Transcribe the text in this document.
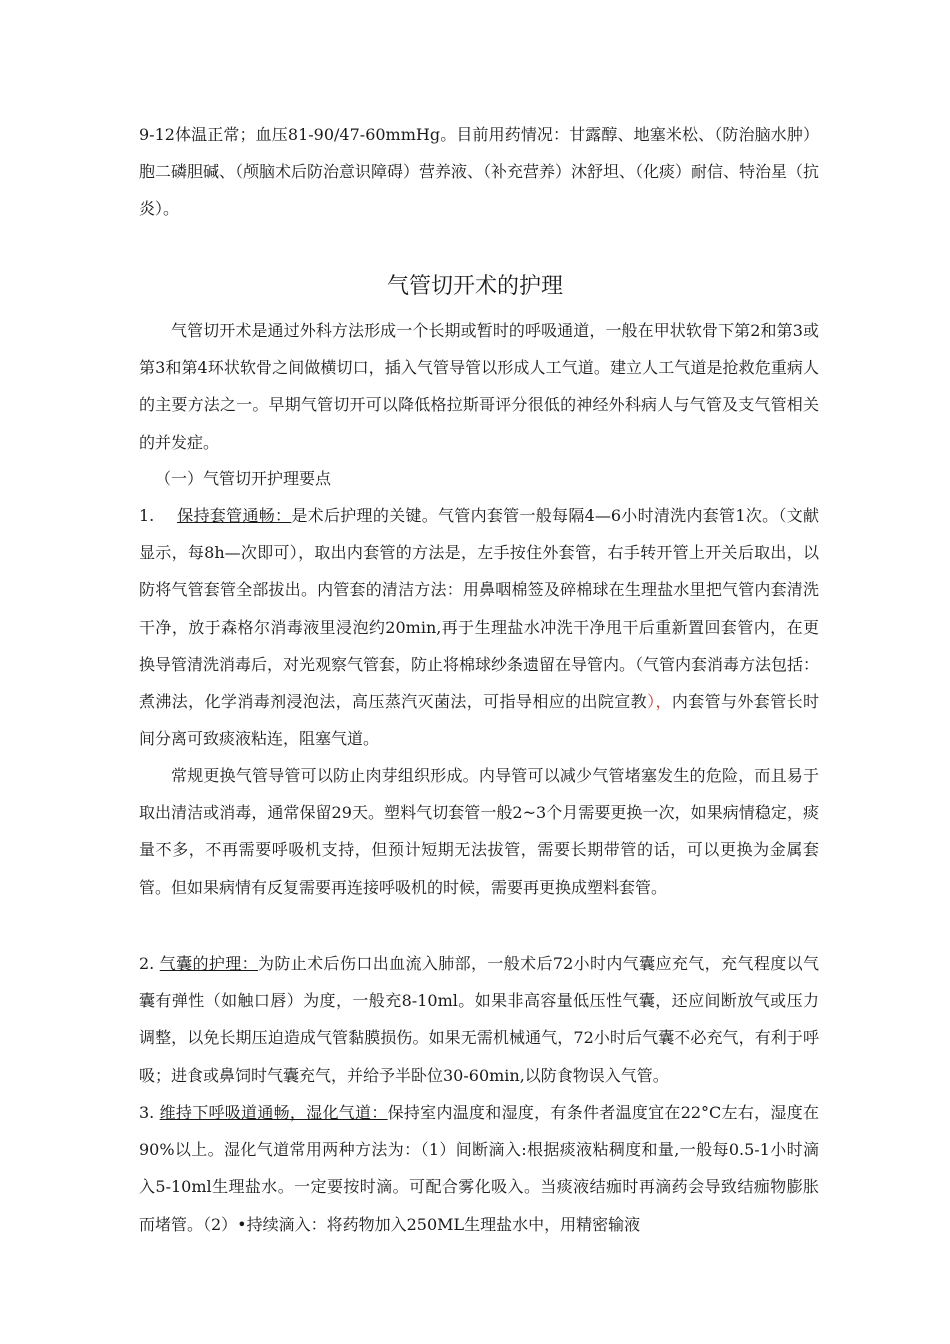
9-12体温正常；血压81-90/47-60mmHg。目前用药情况：甘露醇、地塞米松、（防治脑水肿）胞二磷胆碱、（颅脑术后防治意识障碍）营养液、（补充营养）沐舒坦、（化痰）耐信、特治星（抗炎）。

气管切开术的护理

气管切开术是通过外科方法形成一个长期或暂时的呼吸通道，一般在甲状软骨下第2和第3或第3和第4环状软骨之间做横切口，插入气管导管以形成人工气道。建立人工气道是抢救危重病人的主要方法之一。早期气管切开可以降低格拉斯哥评分很低的神经外科病人与气管及支气管相关的并发症。

（一）气管切开护理要点

1. 保持套管通畅：是术后护理的关键。气管内套管一般每隔4—6小时清洗内套管1次。（文献显示，每8h—次即可），取出内套管的方法是，左手按住外套管，右手转开管上开关后取出，以防将气管套管全部拔出。内管套的清洁方法：用鼻咽棉签及碎棉球在生理盐水里把气管内套清洗干净，放于森格尔消毒液里浸泡约20min,再于生理盐水冲洗干净甩干后重新置回套管内，在更换导管清洗消毒后，对光观察气管套，防止将棉球纱条遗留在导管内。（气管内套消毒方法包括：煮沸法，化学消毒剂浸泡法，高压蒸汽灭菌法，可指导相应的出院宣教），内套管与外套管长时间分离可致痰液粘连，阻塞气道。

常规更换气管导管可以防止肉芽组织形成。内导管可以减少气管堵塞发生的危险，而且易于取出清洁或消毒，通常保留29天。塑料气切套管一般2~3个月需要更换一次，如果病情稳定，痰量不多，不再需要呼吸机支持，但预计短期无法拔管，需要长期带管的话，可以更换为金属套管。但如果病情有反复需要再连接呼吸机的时候，需要再更换成塑料套管。

2. 气囊的护理：为防止术后伤口出血流入肺部，一般术后72小时内气囊应充气，充气程度以气囊有弹性（如触口唇）为度，一般充8-10ml。如果非高容量低压性气囊，还应间断放气或压力调整，以免长期压迫造成气管黏膜损伤。如果无需机械通气，72小时后气囊不必充气，有利于呼吸；进食或鼻饲时气囊充气，并给予半卧位30-60min,以防食物误入气管。

3. 维持下呼吸道通畅，湿化气道：保持室内温度和湿度，有条件者温度宜在22°C左右，湿度在90%以上。湿化气道常用两种方法为：（1）间断滴入:根据痰液粘稠度和量,一般每0.5-1小时滴入5-10ml生理盐水。一定要按时滴。可配合雾化吸入。当痰液结痂时再滴药会导致结痂物膨胀而堵管。（2）•持续滴入：将药物加入250ML生理盐水中，用精密输液
